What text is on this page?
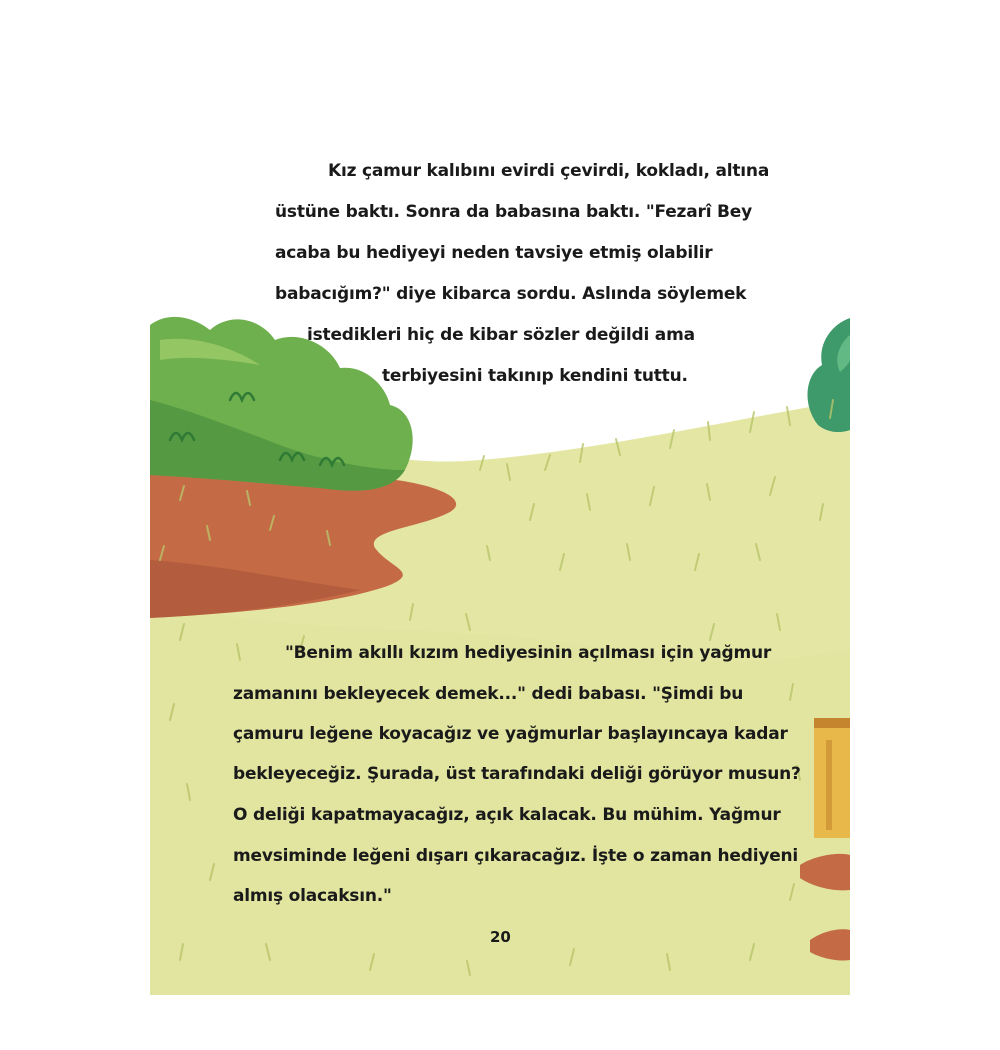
Kız çamur kalıbını evirdi çevirdi, kokladı, altına
üstüne baktı. Sonra da babasına baktı. "Fezarî Bey
acaba bu hediyeyi neden tavsiye etmiş olabilir
babacığım?" diye kibarca sordu. Aslında söylemek
istedikleri hiç de kibar sözler değildi ama
terbiyesini takınıp kendini tuttu.
"Benim akıllı kızım hediyesinin açılması için yağmur
zamanını bekleyecek demek..." dedi babası. "Şimdi bu
çamuru leğene koyacağız ve yağmurlar başlayıncaya kadar
bekleyeceğiz. Şurada, üst tarafındaki deliği görüyor musun?
O deliği kapatmayacağız, açık kalacak. Bu mühim. Yağmur
mevsiminde leğeni dışarı çıkaracağız. İşte o zaman hediyeni
almış olacaksın."
20
